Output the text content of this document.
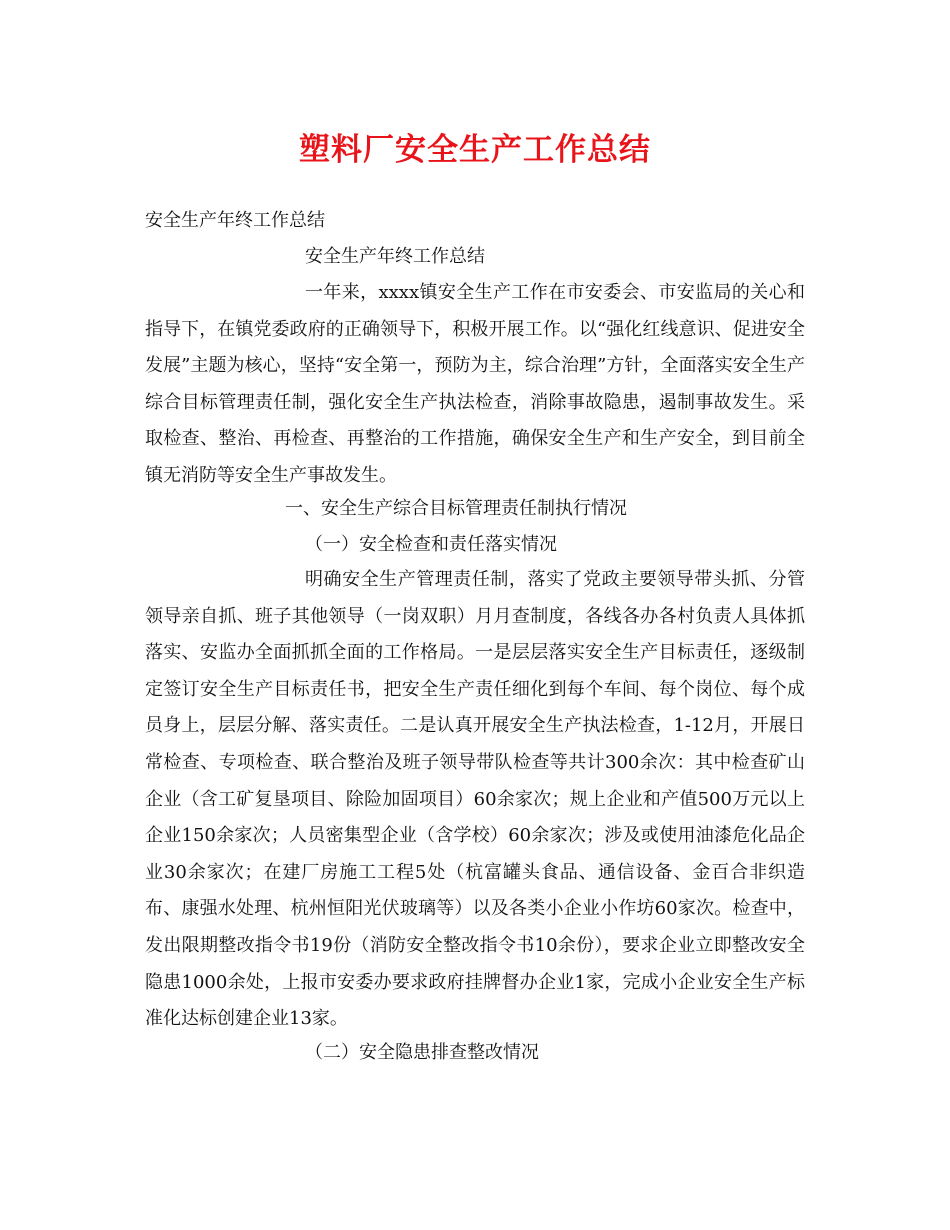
塑料厂安全生产工作总结
安全生产年终工作总结
安全生产年终工作总结
一年来，xxxx镇安全生产工作在市安委会、市安监局的关心和指导下，在镇党委政府的正确领导下，积极开展工作。以“强化红线意识、促进安全发展”主题为核心，坚持“安全第一，预防为主，综合治理”方针，全面落实安全生产综合目标管理责任制，强化安全生产执法检查，消除事故隐患，遏制事故发生。采取检查、整治、再检查、再整治的工作措施，确保安全生产和生产安全，到目前全镇无消防等安全生产事故发生。
一、安全生产综合目标管理责任制执行情况
（一）安全检查和责任落实情况
明确安全生产管理责任制，落实了党政主要领导带头抓、分管领导亲自抓、班子其他领导（一岗双职）月月查制度，各线各办各村负责人具体抓落实、安监办全面抓抓全面的工作格局。一是层层落实安全生产目标责任，逐级制定签订安全生产目标责任书，把安全生产责任细化到每个车间、每个岗位、每个成员身上，层层分解、落实责任。二是认真开展安全生产执法检查，1-12月，开展日常检查、专项检查、联合整治及班子领导带队检查等共计300余次：其中检查矿山企业（含工矿复垦项目、除险加固项目）60余家次；规上企业和产值500万元以上企业150余家次；人员密集型企业（含学校）60余家次；涉及或使用油漆危化品企业30余家次；在建厂房施工工程5处（杭富罐头食品、通信设备、金百合非织造布、康强水处理、杭州恒阳光伏玻璃等）以及各类小企业小作坊60家次。检查中，发出限期整改指令书19份（消防安全整改指令书10余份），要求企业立即整改安全隐患1000余处，上报市安委办要求政府挂牌督办企业1家，完成小企业安全生产标准化达标创建企业13家。
（二）安全隐患排查整改情况
